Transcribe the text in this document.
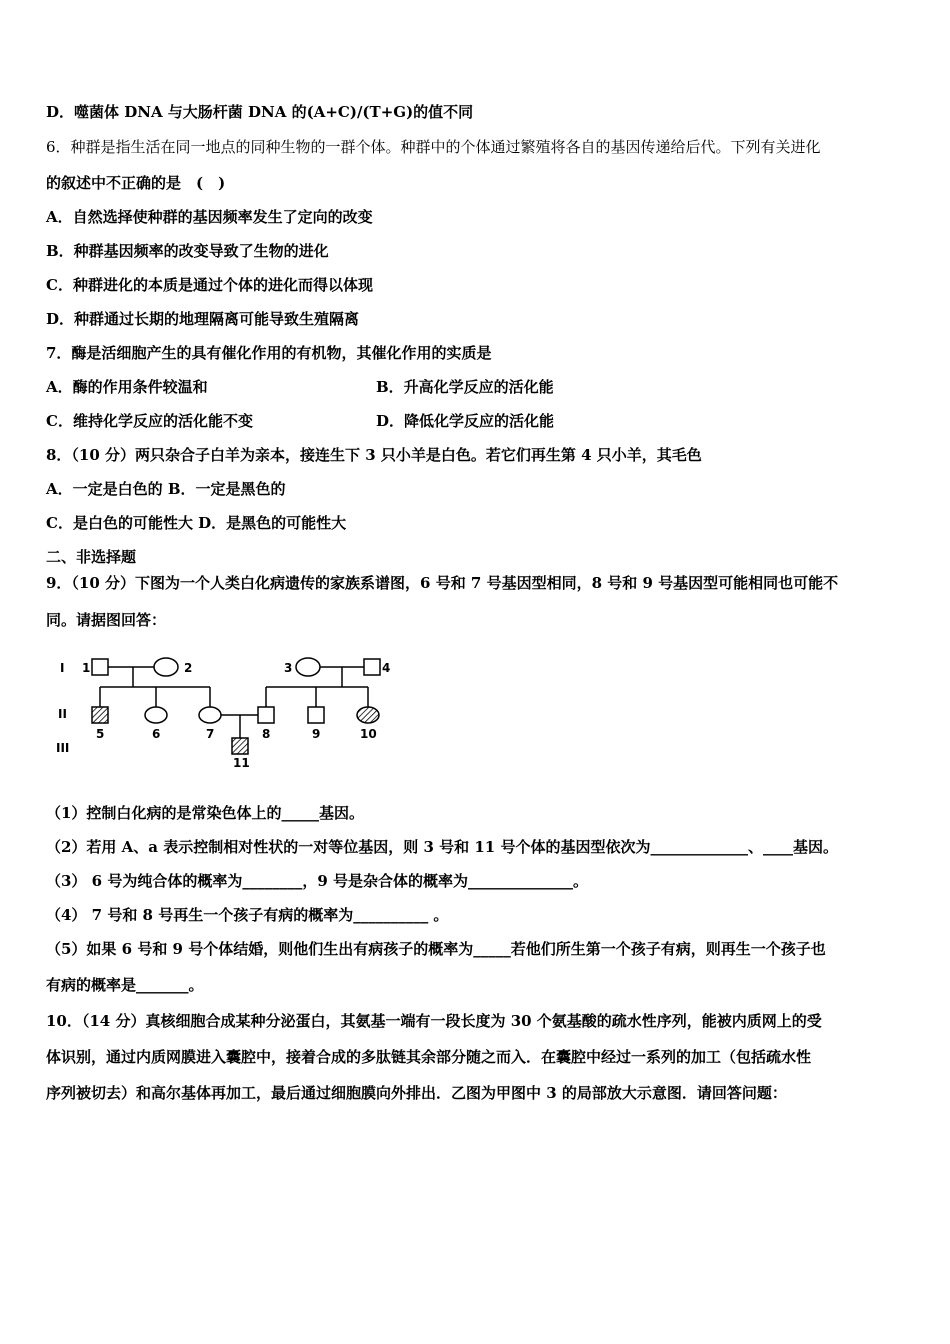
D．噬菌体 DNA 与大肠杆菌 DNA 的(A+C)/(T+G)的值不同
6．种群是指生活在同一地点的同种生物的一群个体。种群中的个体通过繁殖将各自的基因传递给后代。下列有关进化
的叙述中不正确的是　(　)
A．自然选择使种群的基因频率发生了定向的改变
B．种群基因频率的改变导致了生物的进化
C．种群进化的本质是通过个体的进化而得以体现
D．种群通过长期的地理隔离可能导致生殖隔离
7．酶是活细胞产生的具有催化作用的有机物，其催化作用的实质是
A．酶的作用条件较温和	B．升高化学反应的活化能
C．维持化学反应的活化能不变	D．降低化学反应的活化能
8．（10 分）两只杂合子白羊为亲本，接连生下 3 只小羊是白色。若它们再生第 4 只小羊，其毛色
A．一定是白色的 B．一定是黑色的
C．是白色的可能性大 D．是黑色的可能性大
二、非选择题
9．（10 分）下图为一个人类白化病遗传的家族系谱图，6 号和 7 号基因型相同，8 号和 9 号基因型可能相同也可能不
同。请据图回答：
I
II
III
1	2	3	4
5	6	7	8	9	10
11
（1）控制白化病的是常染色体上的_____基因。
（2）若用 A、a 表示控制相对性状的一对等位基因，则 3 号和 11 号个体的基因型依次为_____________、____基因。
（3） 6 号为纯合体的概率为________，9 号是杂合体的概率为______________。
（4） 7 号和 8 号再生一个孩子有病的概率为__________ 。
（5）如果 6 号和 9 号个体结婚，则他们生出有病孩子的概率为_____若他们所生第一个孩子有病，则再生一个孩子也
有病的概率是_______。
10．（14 分）真核细胞合成某种分泌蛋白，其氨基一端有一段长度为 30 个氨基酸的疏水性序列，能被内质网上的受
体识别，通过内质网膜进入囊腔中，接着合成的多肽链其余部分随之而入．在囊腔中经过一系列的加工（包括疏水性
序列被切去）和高尔基体再加工，最后通过细胞膜向外排出．乙图为甲图中 3 的局部放大示意图．请回答问题：
